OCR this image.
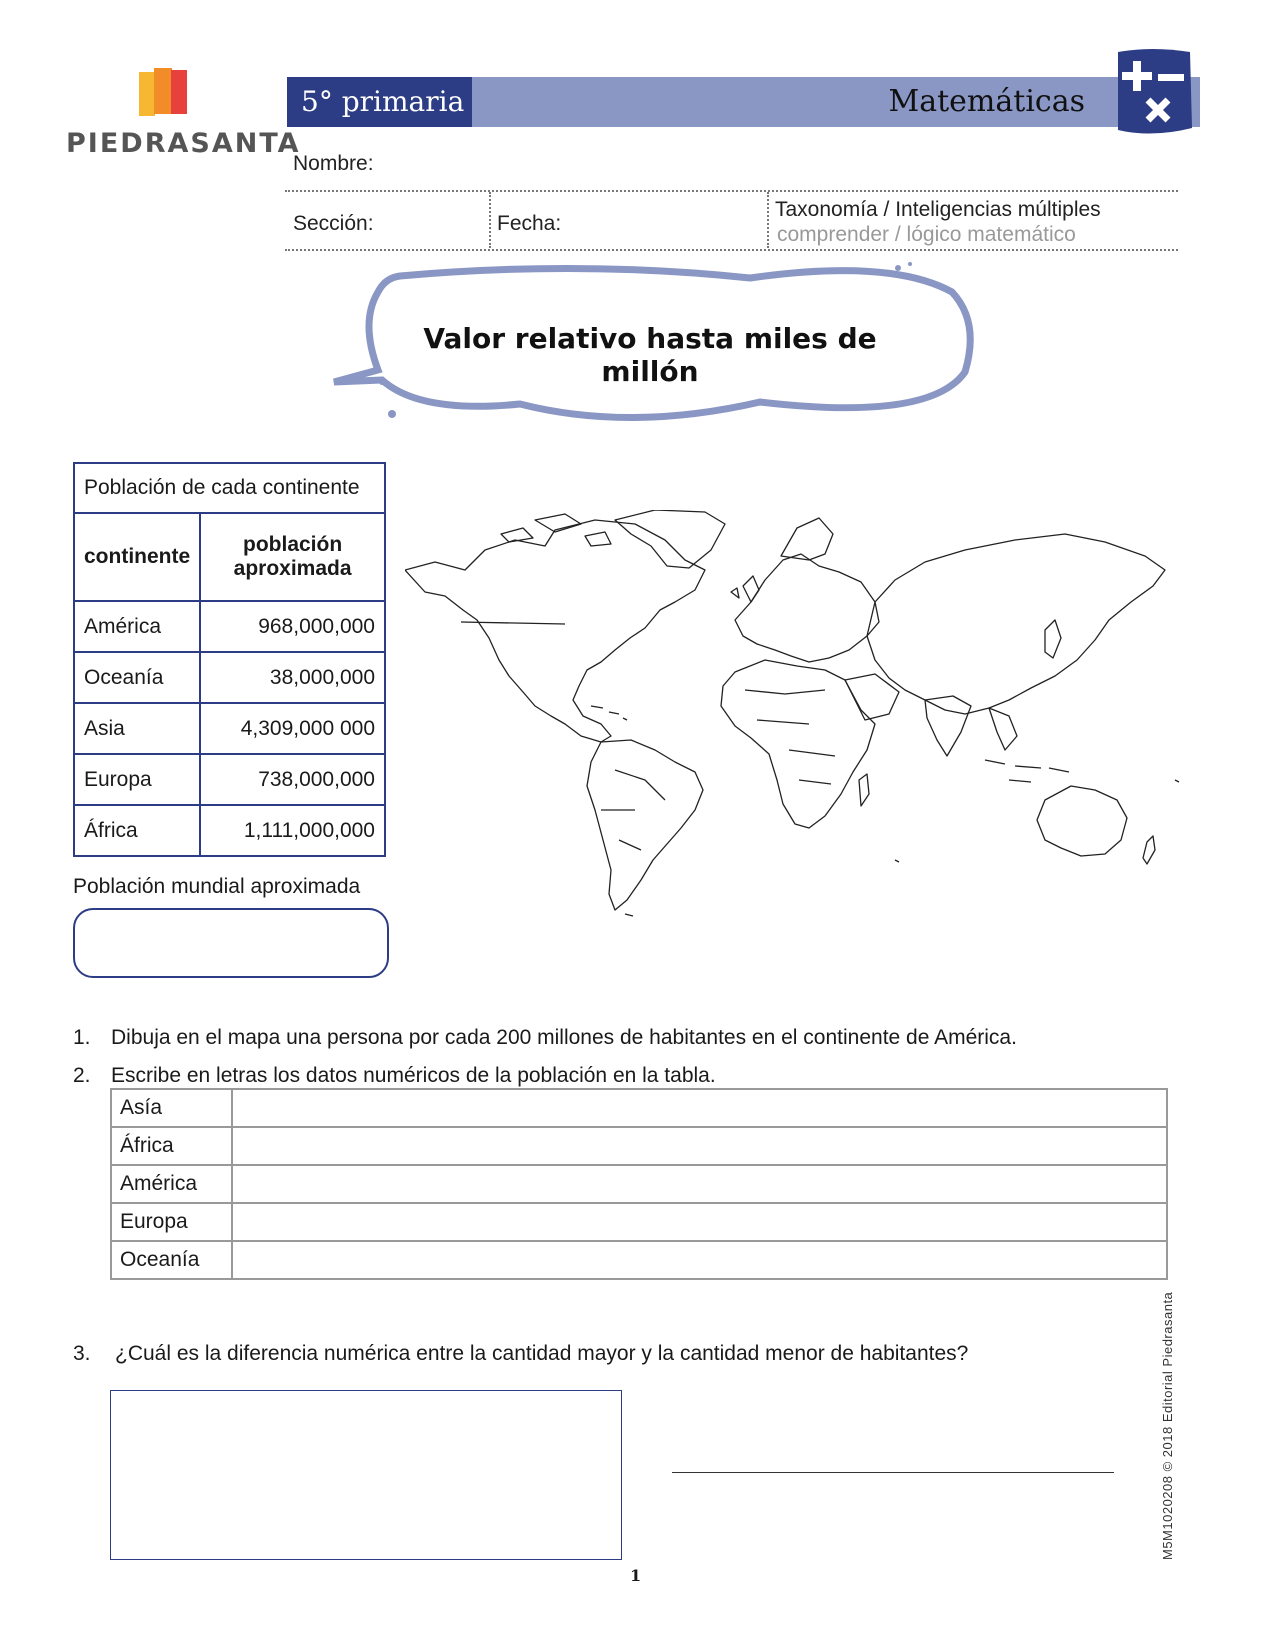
PIEDRASANTA
5° primaria	Matemáticas
Nombre:
Sección:	Fecha:
Taxonomía / Inteligencias múltiples
comprender / lógico matemático
Valor relativo hasta miles de millón
Población de cada continente	
continente	población
aproximada

América	968,000,000
Oceanía	38,000,000
Asia	4,309,000 000
Europa	738,000,000
África	1,111,000,000
Población mundial aproximada
1. Dibuja en el mapa una persona por cada 200 millones de habitantes en el continente de América.
2. Escribe en letras los datos numéricos de la población en la tabla.
Asía	
África	
América	
Europa	
Oceanía	
3. ¿Cuál es la diferencia numérica entre la cantidad mayor y la cantidad menor de habitantes?
1
M5M1020208 © 2018 Editorial Piedrasanta
